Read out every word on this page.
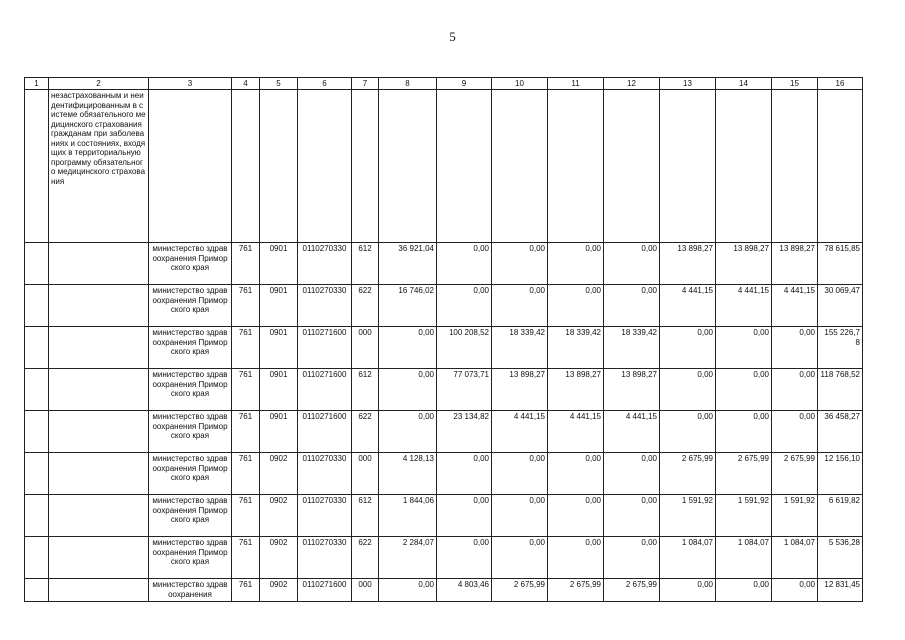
5
1	2	3	4	5	6	7	8	9	10	11	12	13	14	15	16
	незастрахованным и неидентифицированным в системе обязательного медицинского страхования гражданам при заболеваниях и состояниях, входящих в территориальную программу обязательного медицинского страхования														
		министерство здравоохранения Приморского края	761	0901	0110270330	612	36 921,04	0,00	0,00	0,00	0,00	13 898,27	13 898,27	13 898,27	78 615,85
		министерство здравоохранения Приморского края	761	0901	0110270330	622	16 746,02	0,00	0,00	0,00	0,00	4 441,15	4 441,15	4 441,15	30 069,47
		министерство здравоохранения Приморского края	761	0901	0110271600	000	0,00	100 208,52	18 339,42	18 339,42	18 339,42	0,00	0,00	0,00	155 226,78
		министерство здравоохранения Приморского края	761	0901	0110271600	612	0,00	77 073,71	13 898,27	13 898,27	13 898,27	0,00	0,00	0,00	118 768,52
		министерство здравоохранения Приморского края	761	0901	0110271600	622	0,00	23 134,82	4 441,15	4 441,15	4 441,15	0,00	0,00	0,00	36 458,27
		министерство здравоохранения Приморского края	761	0902	0110270330	000	4 128,13	0,00	0,00	0,00	0,00	2 675,99	2 675,99	2 675,99	12 156,10
		министерство здравоохранения Приморского края	761	0902	0110270330	612	1 844,06	0,00	0,00	0,00	0,00	1 591,92	1 591,92	1 591,92	6 619,82
		министерство здравоохранения Приморского края	761	0902	0110270330	622	2 284,07	0,00	0,00	0,00	0,00	1 084,07	1 084,07	1 084,07	5 536,28
		министерство здравоохранения	761	0902	0110271600	000	0,00	4 803,46	2 675,99	2 675,99	2 675,99	0,00	0,00	0,00	12 831,45
